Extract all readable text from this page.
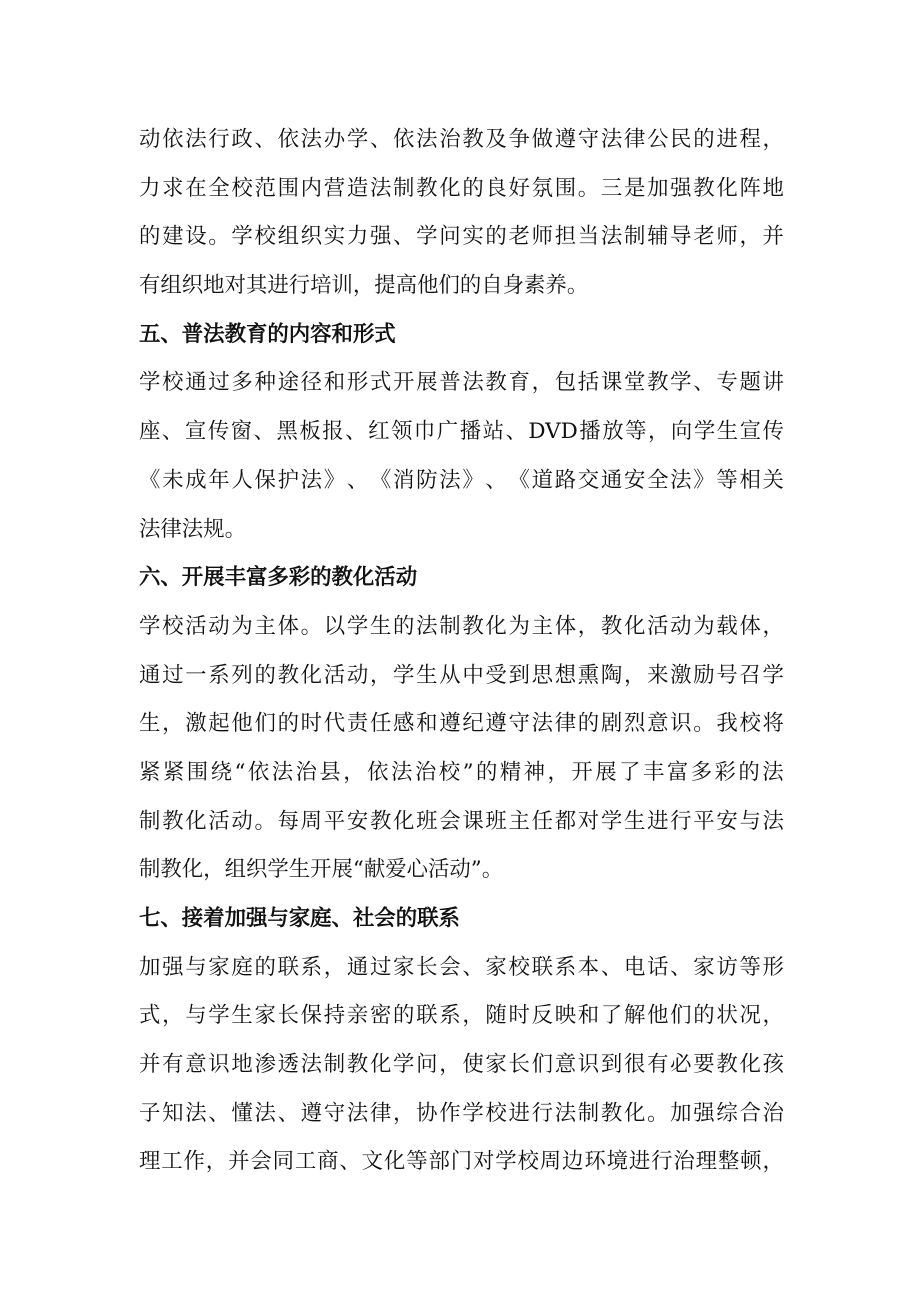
动 依 法 行 政 、 依 法 办 学 、 依 法 治 教 及 争 做 遵 守 法 律 公 民 的 进 程 ，
力 求 在 全 校 范 围 内 营 造 法 制 教 化 的 良 好 氛 围 。 三 是 加 强 教 化 阵 地
的 建 设 。 学 校 组 织 实 力 强 、 学 问 实 的 老 师 担 当 法 制 辅 导 老 师 ， 并
有组织地对其进行培训，提高他们的自身素养。
五、普法教育的内容和形式
学 校 通 过 多 种 途 径 和 形 式 开 展 普 法 教 育 ， 包 括 课 堂 教 学 、 专 题 讲
座 、 宣 传 窗 、 黑 板 报 、 红 领 巾 广 播 站 、 DVD 播 放 等 ， 向 学 生 宣 传
《 未 成 年 人 保 护 法 》 、 《 消 防 法 》 、 《 道 路 交 通 安 全 法 》 等 相 关
法律法规。
六、开展丰富多彩的教化活动
学 校 活 动 为 主 体 。 以 学 生 的 法 制 教 化 为 主 体 ， 教 化 活 动 为 载 体 ，
通 过 一 系 列 的 教 化 活 动 ， 学 生 从 中 受 到 思 想 熏 陶 ， 来 激 励 号 召 学
生 ， 激 起 他 们 的 时 代 责 任 感 和 遵 纪 遵 守 法 律 的 剧 烈 意 识 。 我 校 将
紧 紧 围 绕 “ 依 法 治 县 ， 依 法 治 校 ” 的 精 神 ， 开 展 了 丰 富 多 彩 的 法
制 教 化 活 动 。 每 周 平 安 教 化 班 会 课 班 主 任 都 对 学 生 进 行 平 安 与 法
制教化，组织学生开展“献爱心活动”。
七、接着加强与家庭、社会的联系
加 强 与 家 庭 的 联 系 ， 通 过 家 长 会 、 家 校 联 系 本 、 电 话 、 家 访 等 形
式 ， 与 学 生 家 长 保 持 亲 密 的 联 系 ， 随 时 反 映 和 了 解 他 们 的 状 况 ，
并 有 意 识 地 渗 透 法 制 教 化 学 问 ， 使 家 长 们 意 识 到 很 有 必 要 教 化 孩
子 知 法 、 懂 法 、 遵 守 法 律 ， 协 作 学 校 进 行 法 制 教 化 。 加 强 综 合 治
理 工 作 ， 并 会 同 工 商 、 文 化 等 部 门 对 学 校 周 边 环 境 进 行 治 理 整 顿 ，
